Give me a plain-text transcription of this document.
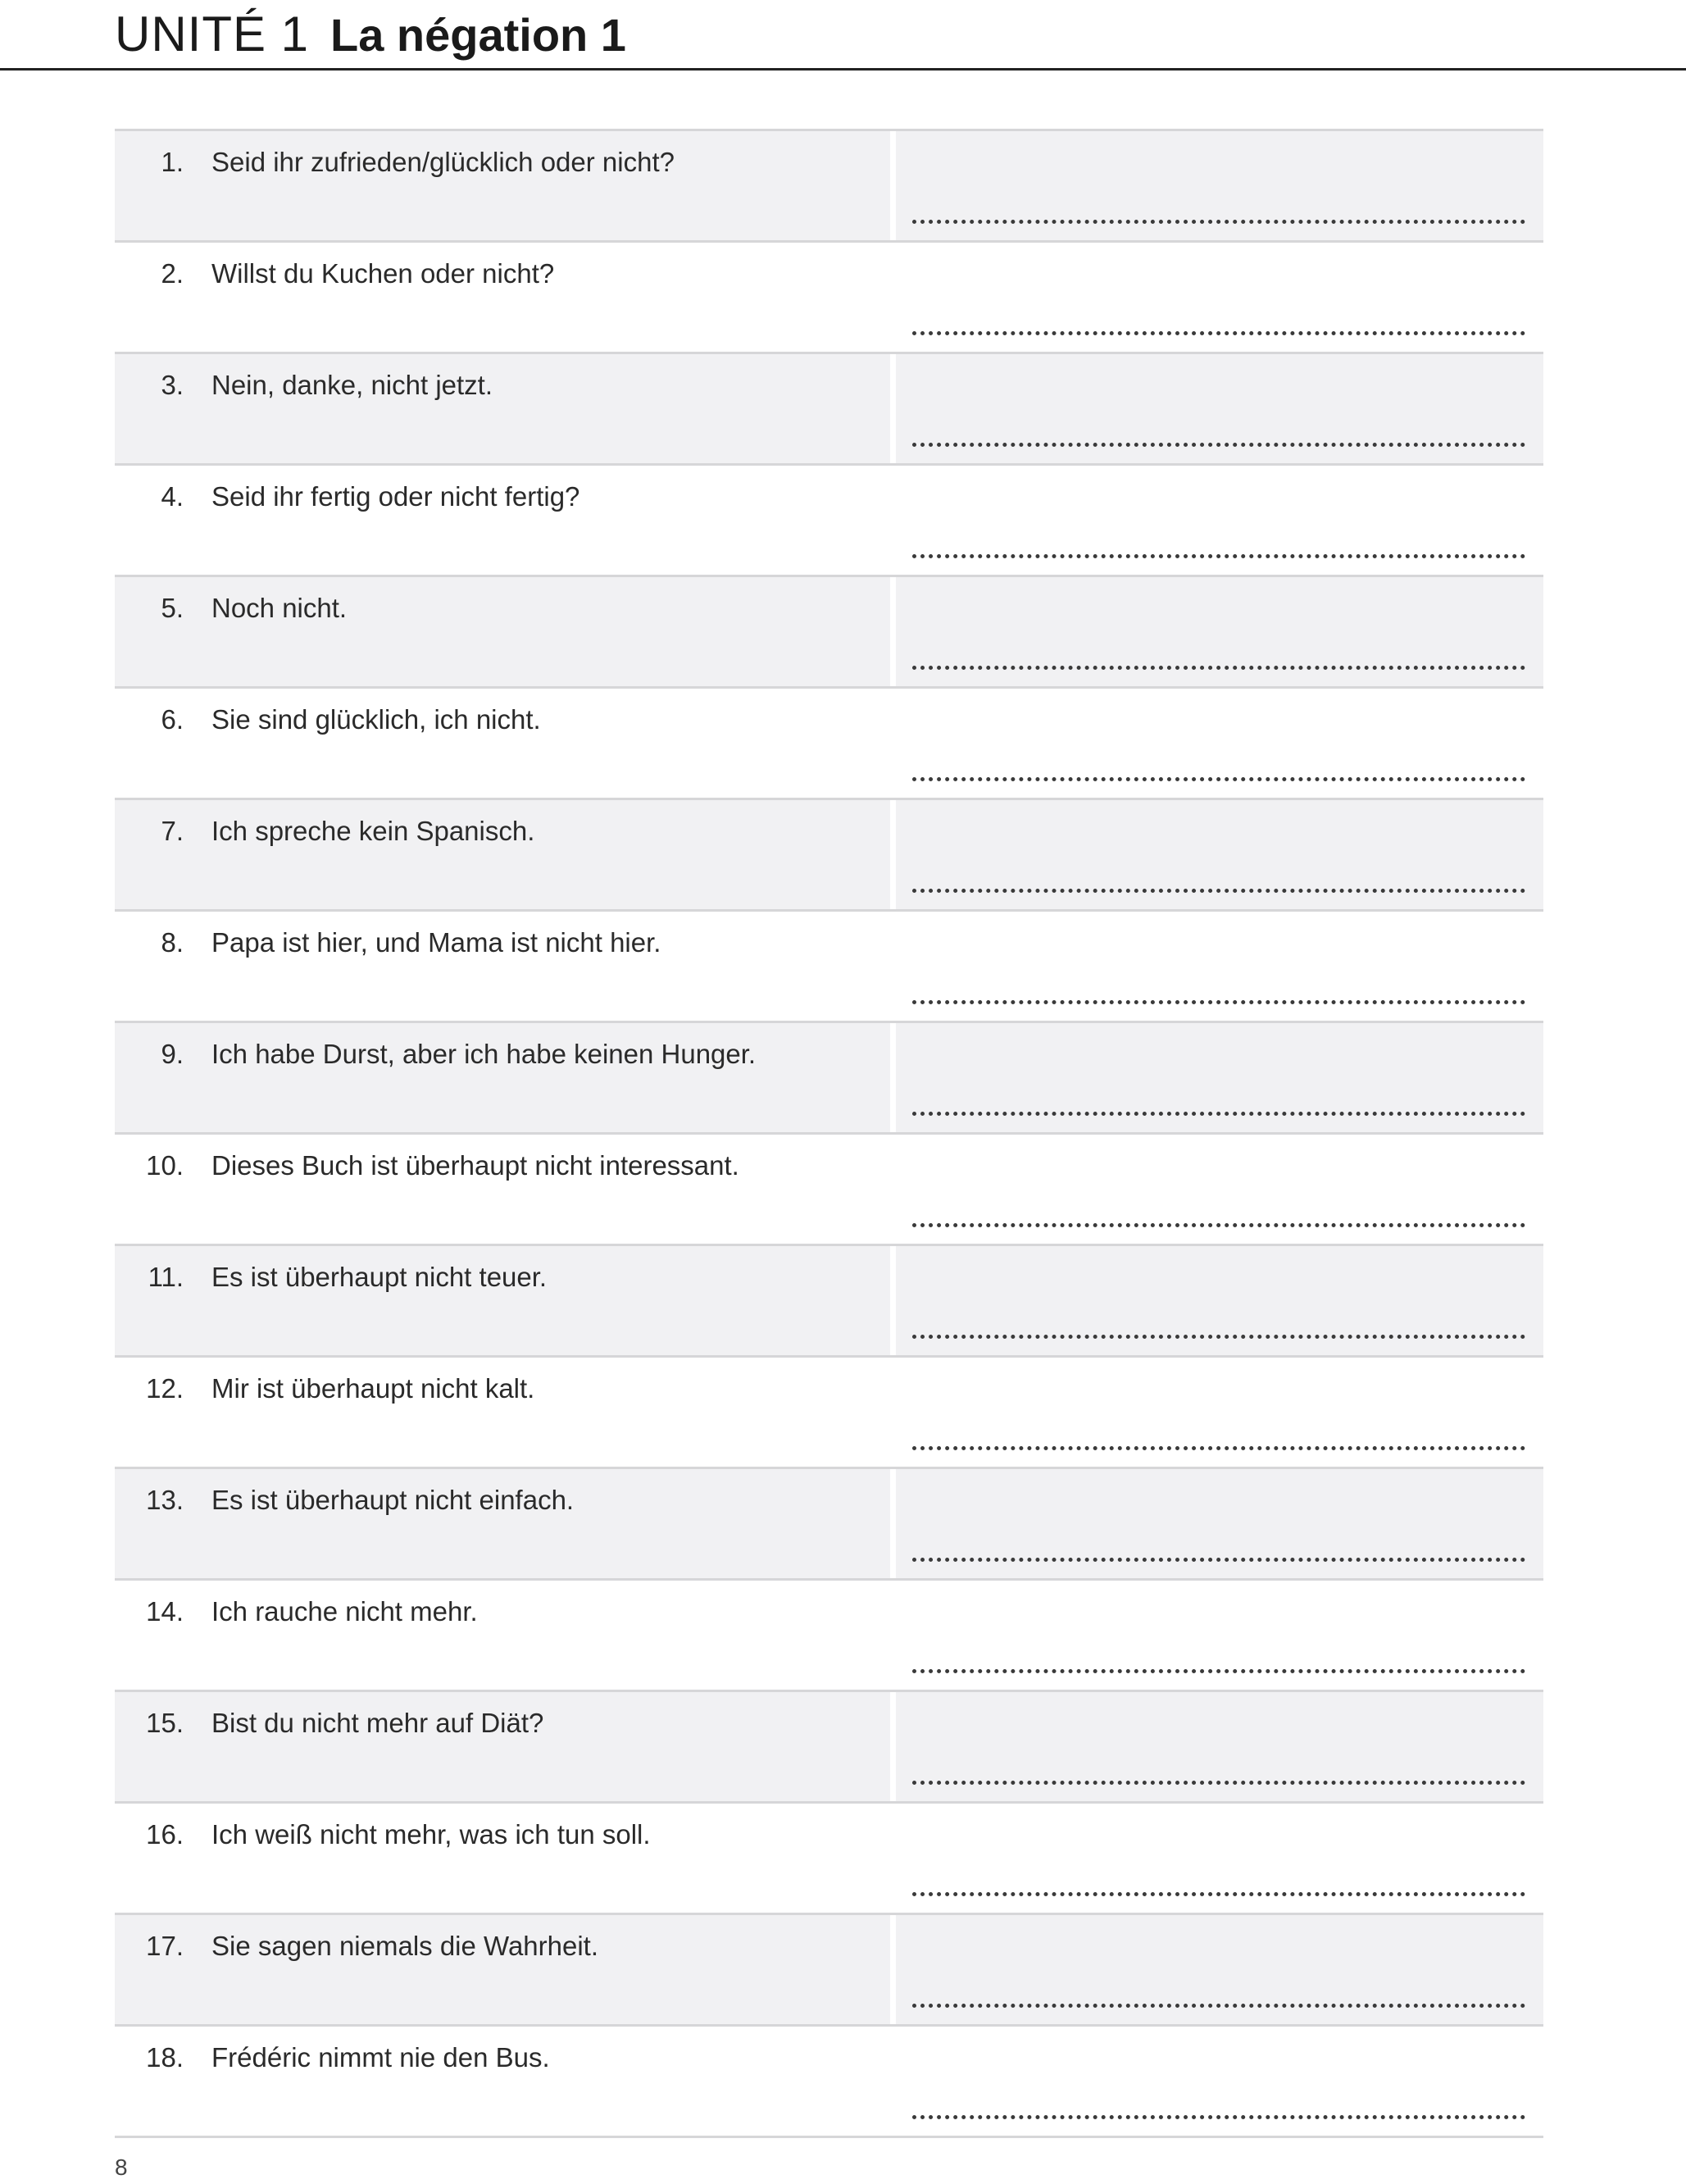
UNITÉ 1 La négation 1
1. Seid ihr zufrieden/glücklich oder nicht?
2. Willst du Kuchen oder nicht?
3. Nein, danke, nicht jetzt.
4. Seid ihr fertig oder nicht fertig?
5. Noch nicht.
6. Sie sind glücklich, ich nicht.
7. Ich spreche kein Spanisch.
8. Papa ist hier, und Mama ist nicht hier.
9. Ich habe Durst, aber ich habe keinen Hunger.
10. Dieses Buch ist überhaupt nicht interessant.
11. Es ist überhaupt nicht teuer.
12. Mir ist überhaupt nicht kalt.
13. Es ist überhaupt nicht einfach.
14. Ich rauche nicht mehr.
15. Bist du nicht mehr auf Diät?
16. Ich weiß nicht mehr, was ich tun soll.
17. Sie sagen niemals die Wahrheit.
18. Frédéric nimmt nie den Bus.
8
